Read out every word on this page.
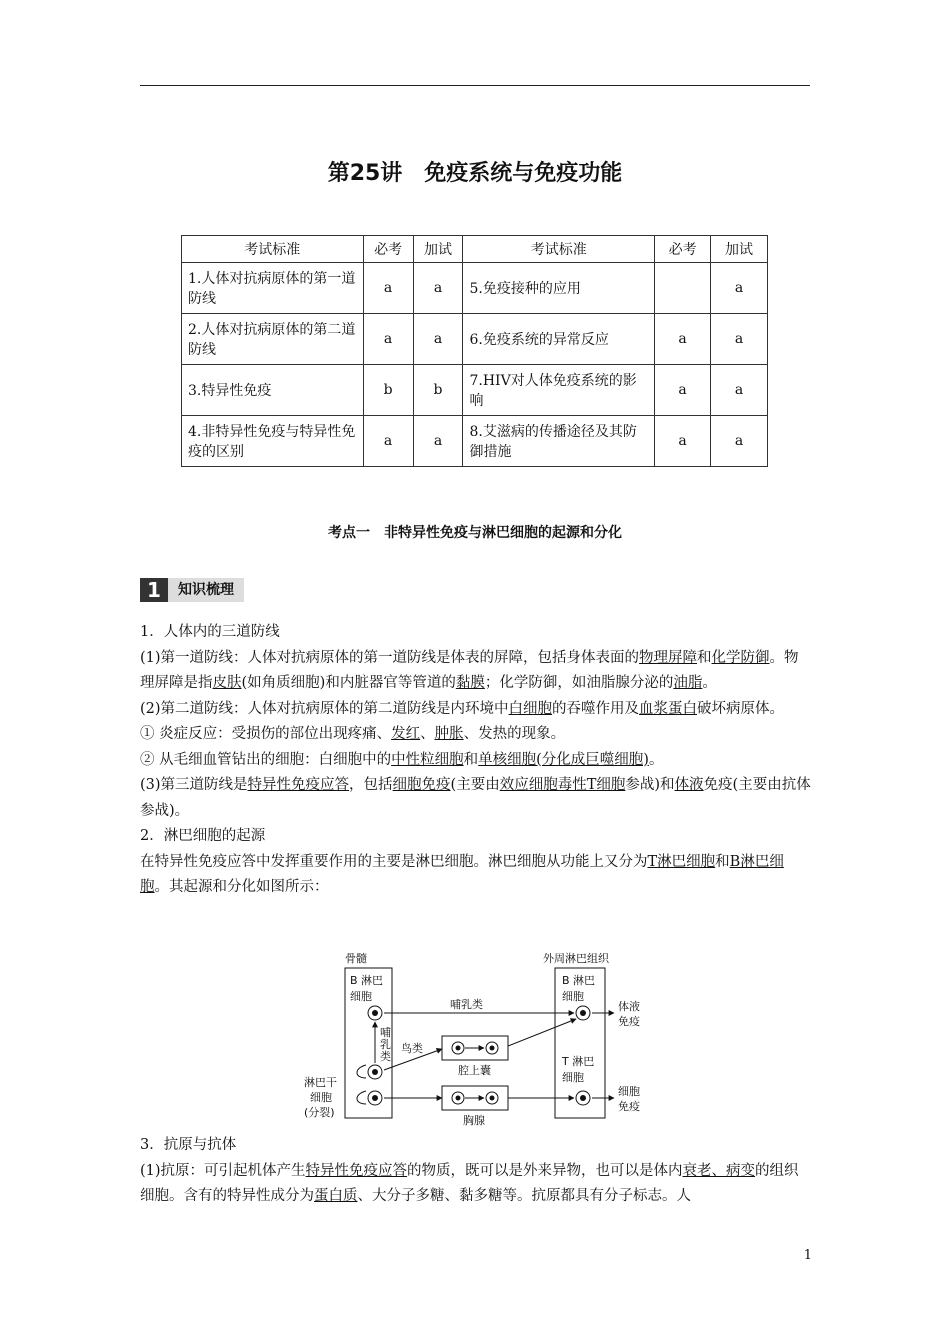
第25讲　免疫系统与免疫功能
考试标准	必考	加试	考试标准	必考	加试
1.人体对抗病原体的第一道防线	a	a	5.免疫接种的应用		a
2.人体对抗病原体的第二道防线	a	a	6.免疫系统的异常反应	a	a
3.特异性免疫	b	b	7.HIV对人体免疫系统的影响	a	a
4.非特异性免疫与特异性免疫的区别	a	a	8.艾滋病的传播途径及其防御措施	a	a
考点一　非特异性免疫与淋巴细胞的起源和分化
1	知识梳理

1．人体内的三道防线

(1)第一道防线：人体对抗病原体的第一道防线是体表的屏障，包括身体表面的物理屏障和化学防御。物理屏障是指皮肤(如角质细胞)和内脏器官等管道的黏膜；化学防御，如油脂腺分泌的油脂。

(2)第二道防线：人体对抗病原体的第二道防线是内环境中白细胞的吞噬作用及血浆蛋白破坏病原体。

① 炎症反应：受损伤的部位出现疼痛、发红、肿胀、发热的现象。

② 从毛细血管钻出的细胞：白细胞中的中性粒细胞和单核细胞(分化成巨噬细胞)。

(3)第三道防线是特异性免疫应答，包括细胞免疫(主要由效应细胞毒性T细胞参战)和体液免疫(主要由抗体参战)。

2．淋巴细胞的起源

在特异性免疫应答中发挥重要作用的主要是淋巴细胞。淋巴细胞从功能上又分为T淋巴细胞和B淋巴细胞。其起源和分化如图所示：

骨髓	外周淋巴组织
B 淋巴
细胞
B 淋巴
细胞
T 淋巴
细胞
哺
乳
类
哺乳类
鸟类
腔上囊
胸腺
淋巴干
细胞
(分裂)
体液
免疫
细胞
免疫

3．抗原与抗体

(1)抗原：可引起机体产生特异性免疫应答的物质，既可以是外来异物，也可以是体内衰老、病变的组织细胞。含有的特异性成分为蛋白质、大分子多糖、黏多糖等。抗原都具有分子标志。人

1
